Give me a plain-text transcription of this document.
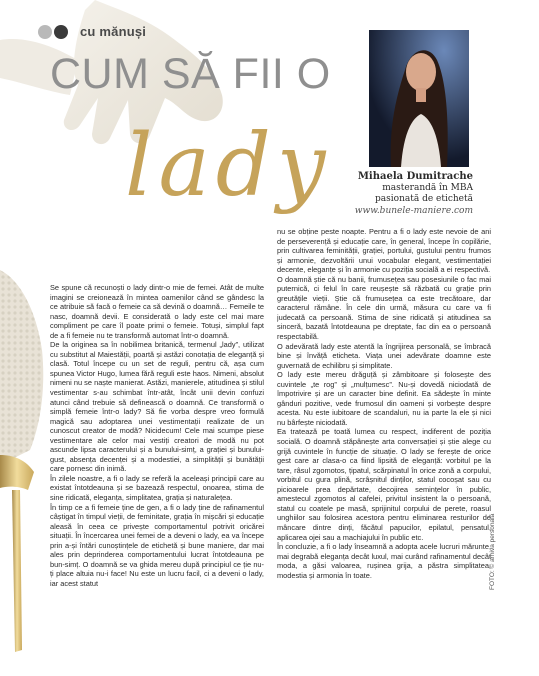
cu mănuși
CUM SĂ FII O
lady	Mihaela Dumitrache
masterandă în MBA
pasionată de etichetă
www.bunele-maniere.com

Se spune că recunoști o lady dintr-o mie de femei. Atât de multe imagini se creionează în mintea oamenilor când se gândesc la ce atribuie să facă o femeie ca să devină o doamnă… Femeile te nasc, doamnă devii. E considerată o lady este cel mai mare compliment pe care îl poate primi o femeie. Totuși, simplul fapt de a fi femeie nu te transformă automat într-o doamnă.

De la originea sa în nobilimea britanică, termenul „lady”, utilizat cu substitut al Maiestății, poartă și astăzi conotația de eleganță și clasă. Totul începe cu un set de reguli, pentru că, așa cum spunea Victor Hugo, lumea fără reguli este haos. Nimeni, absolut nimeni nu se naște manierat. Astăzi, manierele, atitudinea și stilul vestimentar s-au schimbat într-atât, încât unii devin confuzi atunci când trebuie să definească o doamnă. Ce transformă o simplă femeie într-o lady? Să fie vorba despre vreo formulă magică sau adoptarea unei vestimentații realizate de un cunoscut creator de modă? Nicidecum! Cele mai scumpe piese vestimentare ale celor mai vestiți creatori de modă nu pot ascunde lipsa caracterului și a bunului-simț, a grației și bunului-gust, absența decenței și a modestiei, a simplității și bunătății care pornesc din inimă.

În zilele noastre, a fi o lady se referă la aceleași principii care au existat întotdeauna și se bazează respectul, onoarea, stima de sine ridicată, eleganța, simplitatea, grația și naturalețea.

În timp ce a fi femeie ține de gen, a fi o lady ține de rafinamentul câștigat în timpul vieții, de feminitate, grația în mișcări și educație aleasă în ceea ce privește comportamentul potrivit oricărei situații. În încercarea unei femei de a deveni o lady, ea va începe prin a-și întări cunoștințele de etichetă și bune maniere, dar mai ales prin deprinderea comportamentului lucrat întotdeauna pe bun-simț. O doamnă se va ghida mereu după principiul ce ție nu-ți place altuia nu-i face! Nu este un lucru facil, ci a deveni o lady, iar acest statut

nu se obține peste noapte. Pentru a fi o lady este nevoie de ani de perseverență și educație care, în general, începe în copilărie, prin cultivarea feminității, grației, portului, gustului pentru frumos și armonie, dezvoltării unui vocabular elegant, vestimentației decente, eleganțe și în armonie cu poziția socială a ei respectivă.

O doamnă știe că nu banii, frumusețea sau posesiunile o fac mai puternică, ci felul în care reușește să răzbată cu grație prin greutățile vieții. Știe că frumusețea ca este trecătoare, dar caracterul rămâne. În cele din urmă, măsura cu care va fi judecată ca persoană. Stima de sine ridicată și atitudinea sa sinceră, bazată întotdeauna pe dreptate, fac din ea o persoană respectabilă.

O adevărată lady este atentă la îngrijirea personală, se îmbracă bine și învăță eticheta. Viața unei adevărate doamne este guvernată de echilibru și simplitate.

O lady este mereu drăguță și zâmbitoare și folosește des cuvintele „te rog” și „mulțumesc”. Nu-și dovedă niciodată de împotrivire și are un caracter bine definit. Ea sădește în minte gânduri pozitive, vede frumosul din oameni și vorbește despre acesta. Nu este iubitoare de scandaluri, nu ia parte la ele și nici nu bârfește niciodată.

Ea tratează pe toată lumea cu respect, indiferent de poziția socială. O doamnă stăpânește arta conversației și știe alege cu grijă cuvintele în funcție de situație. O lady se ferește de orice gest care ar clasa-o ca fiind lipsită de eleganță: vorbitul pe la tare, râsul zgomotos, țipatul, scărpinatul în orice zonă a corpului, vorbitul cu gura plină, scrâșnitul dinților, statul cocoșat sau cu picioarele prea depărtate, decojirea semințelor în public, amestecul zgomotos al cafelei, privitul insistent la o persoană, statul cu coatele pe masă, sprijinitul corpului de perete, roasul unghiilor sau folosirea acestora pentru eliminarea resturilor de mâncare dintre dinți, făcătul papucilor, epilatul, pensatul, aplicarea ojei sau a machiajului în public etc.

În concluzie, a fi o lady înseamnă a adopta acele lucruri mărunte, mai degrabă eleganța decât luxul, mai curând rafinamentul decât moda, a găsi valoarea, rușinea grija, a păstra simplitatea, modestia și armonia în toate.	FOTO: © arhiva personală
